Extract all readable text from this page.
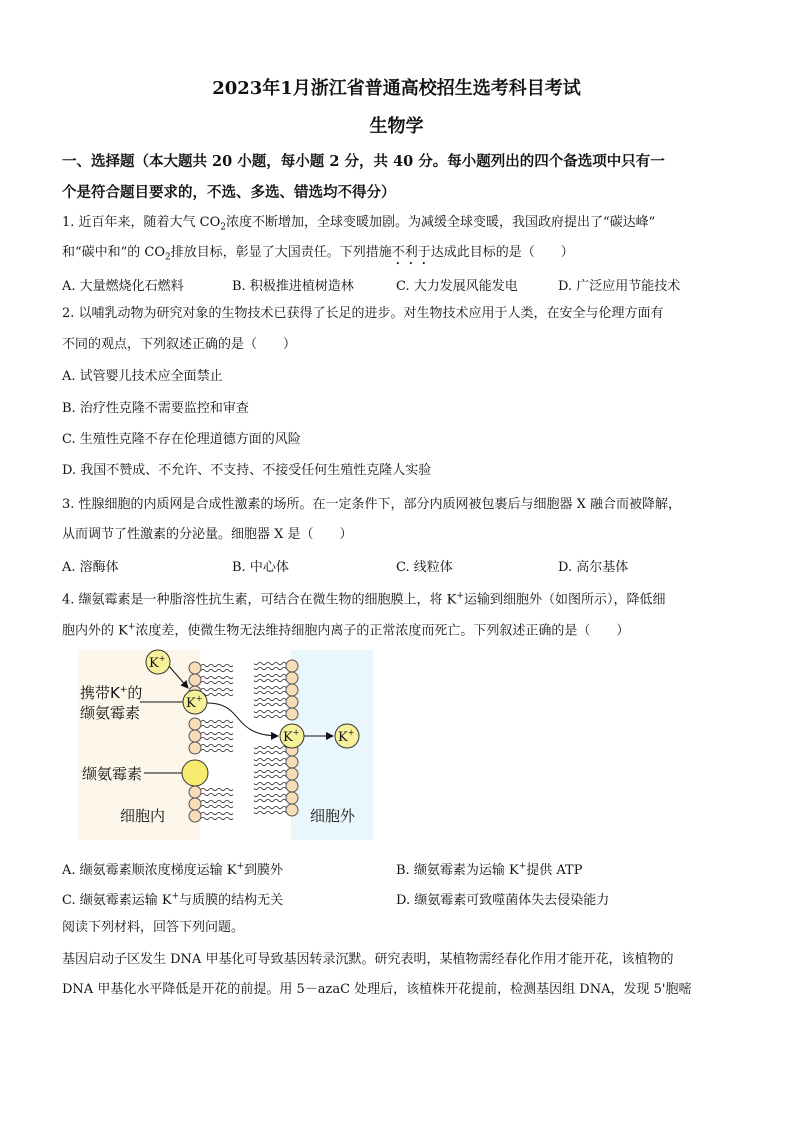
2023年1月浙江省普通高校招生选考科目考试
生物学
一、选择题（本大题共 20 小题，每小题 2 分，共 40 分。每小题列出的四个备选项中只有一
个是符合题目要求的，不选、多选、错选均不得分）
1. 近百年来，随着大气 $CO_2$浓度不断增加，全球变暖加剧。为减缓全球变暖，我国政府提出了“碳达峰”
和“碳中和”的 $CO_2$排放目标，彰显了大国责任。下列措施不利于达成此目标的是（　　）
A. 大量燃烧化石燃料	B. 积极推进植树造林	C. 大力发展风能发电	D. 广泛应用节能技术
2. 以哺乳动物为研究对象的生物技术已获得了长足的进步。对生物技术应用于人类，在安全与伦理方面有
不同的观点，下列叙述正确的是（　　）
A. 试管婴儿技术应全面禁止
B. 治疗性克隆不需要监控和审查
C. 生殖性克隆不存在伦理道德方面的风险
D. 我国不赞成、不允许、不支持、不接受任何生殖性克隆人实验
3. 性腺细胞的内质网是合成性激素的场所。在一定条件下，部分内质网被包裹后与细胞器 X 融合而被降解，
从而调节了性激素的分泌量。细胞器 X 是（　　）
A. 溶酶体	B. 中心体	C. 线粒体	D. 高尔基体
4. 缬氨霉素是一种脂溶性抗生素，可结合在微生物的细胞膜上，将 K+运输到细胞外（如图所示），降低细
胞内外的 K+浓度差，使微生物无法维持细胞内离子的正常浓度而死亡。下列叙述正确的是（　　）
K+
K+
K+	K+
携带K+的
缬氨霉素
缬氨霉素
细胞内	细胞外
A. 缬氨霉素顺浓度梯度运输 K+到膜外	B. 缬氨霉素为运输 K+提供 ATP
C. 缬氨霉素运输 K+与质膜的结构无关	D. 缬氨霉素可致噬菌体失去侵染能力
阅读下列材料，回答下列问题。
基因启动子区发生 DNA 甲基化可导致基因转录沉默。研究表明，某植物需经春化作用才能开花，该植物的
DNA 甲基化水平降低是开花的前提。用 5－azaC 处理后，该植株开花提前，检测基因组 DNA，发现 5'胞嘧
